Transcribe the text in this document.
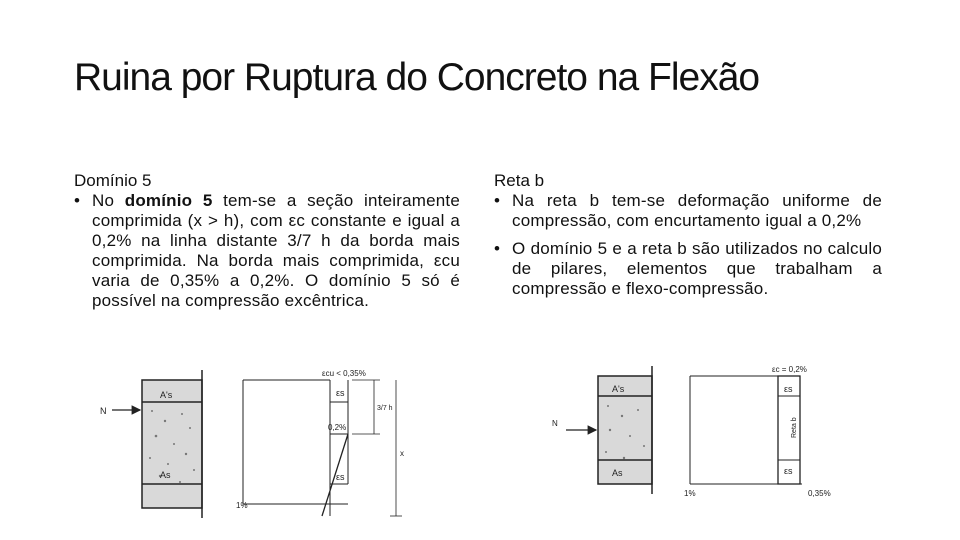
Ruina por Ruptura do Concreto na Flexão
Domínio 5
• No domínio 5 tem-se a seção inteiramente comprimida (x > h), com εc constante e igual a 0,2% na linha distante 3/7 h da borda mais comprimida. Na borda mais comprimida, εcu varia de 0,35% a 0,2%. O domínio 5 só é possível na compressão excêntrica.
Reta b
• Na reta b tem-se deformação uniforme de compressão, com encurtamento igual a 0,2%
• O domínio 5 e a reta b são utilizados no calculo de pilares, elementos que trabalham a compressão e flexo-compressão.
N
A's
As
1%
εcu < 0,35%
εs
0,2%
εs
3/7 h
x
N
A's
As
1%
εc = 0,2%
εs
εs
Reta b
0,35%
